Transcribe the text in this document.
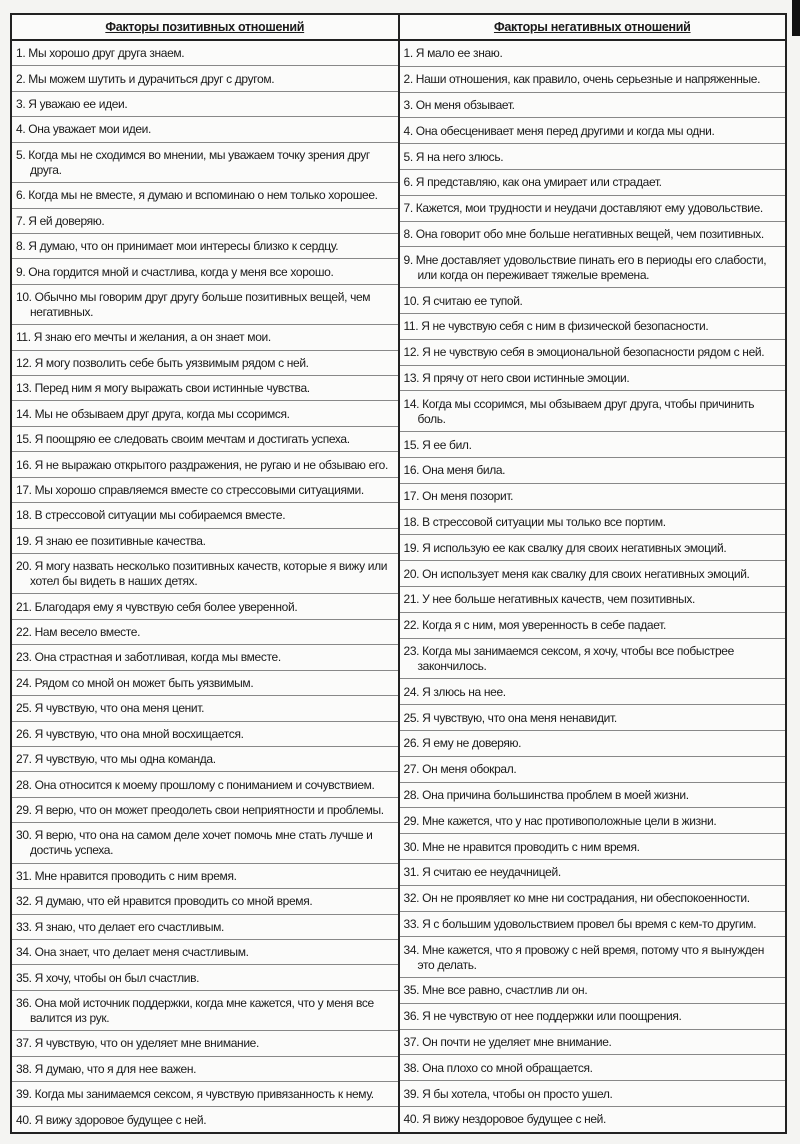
Факторы позитивных отношений	Факторы негативных отношений
1. Мы хорошо друг друга знаем.
2. Мы можем шутить и дурачиться друг с другом.
3. Я уважаю ее идеи.
4. Она уважает мои идеи.
5. Когда мы не сходимся во мнении, мы уважаем точку зрения друг друга.
6. Когда мы не вместе, я думаю и вспоминаю о нем только хорошее.
7. Я ей доверяю.
8. Я думаю, что он принимает мои интересы близко к сердцу.
9. Она гордится мной и счастлива, когда у меня все хорошо.
10. Обычно мы говорим друг другу больше позитивных вещей, чем негативных.
11. Я знаю его мечты и желания, а он знает мои.
12. Я могу позволить себе быть уязвимым рядом с ней.
13. Перед ним я могу выражать свои истинные чувства.
14. Мы не обзываем друг друга, когда мы ссоримся.
15. Я поощряю ее следовать своим мечтам и достигать успеха.
16. Я не выражаю открытого раздражения, не ругаю и не обзываю его.
17. Мы хорошо справляемся вместе со стрессовыми ситуациями.
18. В стрессовой ситуации мы собираемся вместе.
19. Я знаю ее позитивные качества.
20. Я могу назвать несколько позитивных качеств, которые я вижу или хотел бы видеть в наших детях.
21. Благодаря ему я чувствую себя более уверенной.
22. Нам весело вместе.
23. Она страстная и заботливая, когда мы вместе.
24. Рядом со мной он может быть уязвимым.
25. Я чувствую, что она меня ценит.
26. Я чувствую, что она мной восхищается.
27. Я чувствую, что мы одна команда.
28. Она относится к моему прошлому с пониманием и сочувствием.
29. Я верю, что он может преодолеть свои неприятности и проблемы.
30. Я верю, что она на самом деле хочет помочь мне стать лучше и достичь успеха.
31. Мне нравится проводить с ним время.
32. Я думаю, что ей нравится проводить со мной время.
33. Я знаю, что делает его счастливым.
34. Она знает, что делает меня счастливым.
35. Я хочу, чтобы он был счастлив.
36. Она мой источник поддержки, когда мне кажется, что у меня все валится из рук.
37. Я чувствую, что он уделяет мне внимание.
38. Я думаю, что я для нее важен.
39. Когда мы занимаемся сексом, я чувствую привязанность к нему.
40. Я вижу здоровое будущее с ней.
1. Я мало ее знаю.
2. Наши отношения, как правило, очень серьезные и напряженные.
3. Он меня обзывает.
4. Она обесценивает меня перед другими и когда мы одни.
5. Я на него злюсь.
6. Я представляю, как она умирает или страдает.
7. Кажется, мои трудности и неудачи доставляют ему удовольствие.
8. Она говорит обо мне больше негативных вещей, чем позитивных.
9. Мне доставляет удовольствие пинать его в периоды его слабости, или когда он переживает тяжелые времена.
10. Я считаю ее тупой.
11. Я не чувствую себя с ним в физической безопасности.
12. Я не чувствую себя в эмоциональной безопасности рядом с ней.
13. Я прячу от него свои истинные эмоции.
14. Когда мы ссоримся, мы обзываем друг друга, чтобы причинить боль.
15. Я ее бил.
16. Она меня била.
17. Он меня позорит.
18. В стрессовой ситуации мы только все портим.
19. Я использую ее как свалку для своих негативных эмоций.
20. Он использует меня как свалку для своих негативных эмоций.
21. У нее больше негативных качеств, чем позитивных.
22. Когда я с ним, моя уверенность в себе падает.
23. Когда мы занимаемся сексом, я хочу, чтобы все побыстрее закончилось.
24. Я злюсь на нее.
25. Я чувствую, что она меня ненавидит.
26. Я ему не доверяю.
27. Он меня обокрал.
28. Она причина большинства проблем в моей жизни.
29. Мне кажется, что у нас противоположные цели в жизни.
30. Мне не нравится проводить с ним время.
31. Я считаю ее неудачницей.
32. Он не проявляет ко мне ни сострадания, ни обеспокоенности.
33. Я с большим удовольствием провел бы время с кем-то другим.
34. Мне кажется, что я провожу с ней время, потому что я вынужден это делать.
35. Мне все равно, счастлив ли он.
36. Я не чувствую от нее поддержки или поощрения.
37. Он почти не уделяет мне внимание.
38. Она плохо со мной обращается.
39. Я бы хотела, чтобы он просто ушел.
40. Я вижу нездоровое будущее с ней.
